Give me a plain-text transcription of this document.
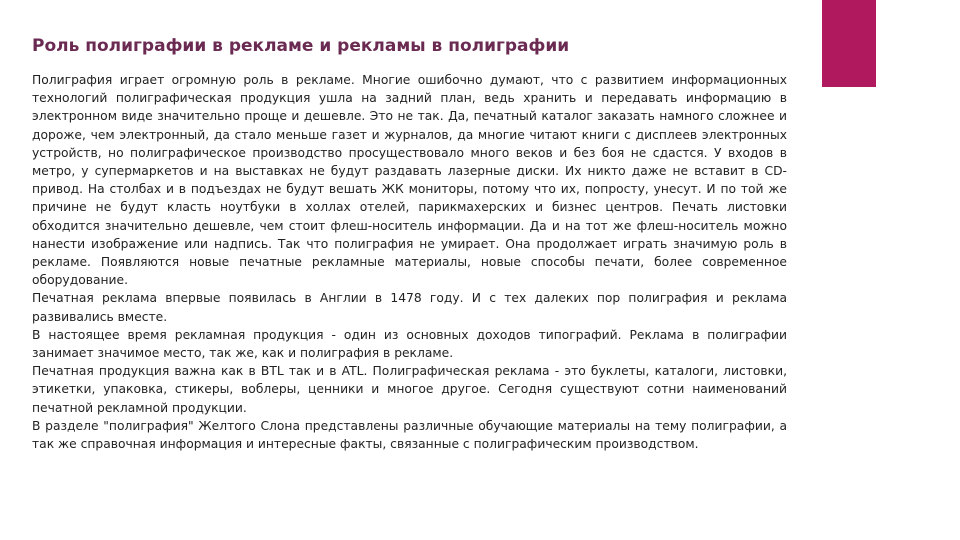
Роль полиграфии в рекламе и рекламы в полиграфии

Полиграфия играет огромную роль в рекламе. Многие ошибочно думают, что с развитием информационных технологий полиграфическая продукция ушла на задний план, ведь хранить и передавать информацию в электронном виде значительно проще и дешевле. Это не так. Да, печатный каталог заказать намного сложнее и дороже, чем электронный, да стало меньше газет и журналов, да многие читают книги с дисплеев электронных устройств, но полиграфическое производство просуществовало много веков и без боя не сдастся. У входов в метро, у супермаркетов и на выставках не будут раздавать лазерные диски. Их никто даже не вставит в CD-привод. На столбах и в подъездах не будут вешать ЖК мониторы, потому что их, попросту, унесут. И по той же причине не будут класть ноутбуки в холлах отелей, парикмахерских и бизнес центров. Печать листовки обходится значительно дешевле, чем стоит флеш-носитель информации. Да и на тот же флеш-носитель можно нанести изображение или надпись. Так что полиграфия не умирает. Она продолжает играть значимую роль в рекламе. Появляются новые печатные рекламные материалы, новые способы печати, более современное оборудование.

Печатная реклама впервые появилась в Англии в 1478 году. И с тех далеких пор полиграфия и реклама развивались вместе.

В настоящее время рекламная продукция - один из основных доходов типографий. Реклама в полиграфии занимает значимое место, так же, как и полиграфия в рекламе.

Печатная продукция важна как в BTL так и в ATL. Полиграфическая реклама - это буклеты, каталоги, листовки, этикетки, упаковка, стикеры, воблеры, ценники и многое другое. Сегодня существуют сотни наименований печатной рекламной продукции.

В разделе "полиграфия" Желтого Слона представлены различные обучающие материалы на тему полиграфии, а так же справочная информация и интересные факты, связанные с полиграфическим производством.
